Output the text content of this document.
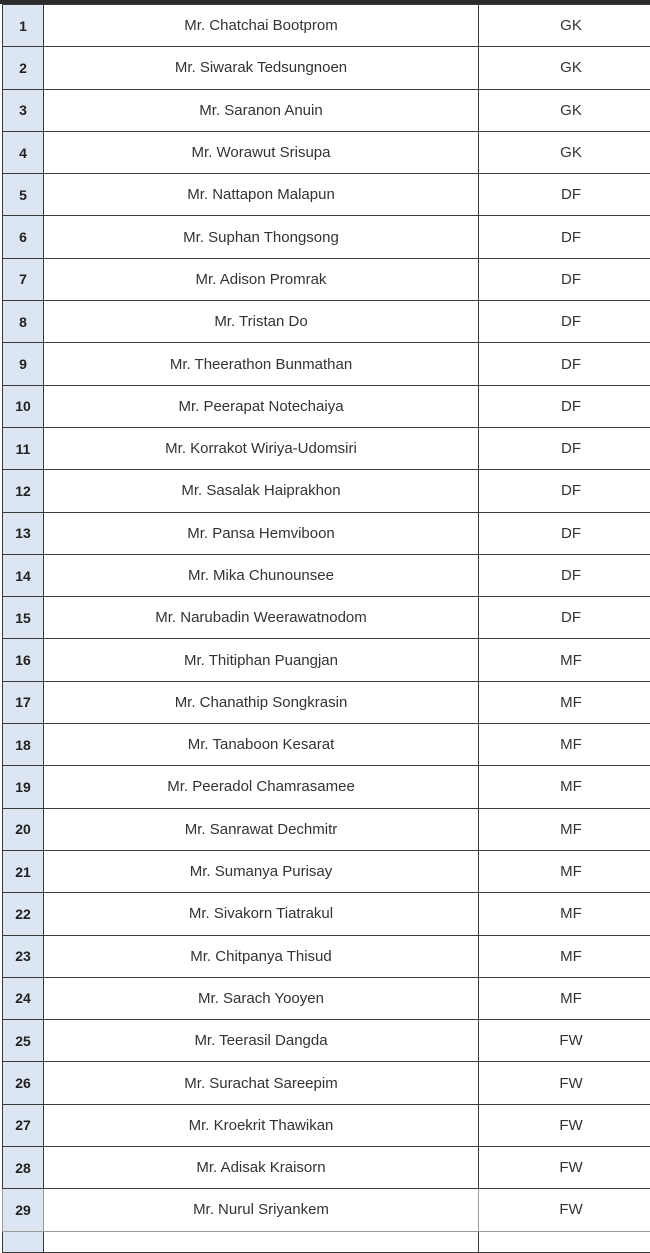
1	Mr. Chatchai Bootprom	GK
2	Mr. Siwarak Tedsungnoen	GK
3	Mr. Saranon Anuin	GK
4	Mr. Worawut Srisupa	GK
5	Mr. Nattapon Malapun	DF
6	Mr. Suphan Thongsong	DF
7	Mr. Adison Promrak	DF
8	Mr. Tristan Do	DF
9	Mr. Theerathon Bunmathan	DF
10	Mr. Peerapat Notechaiya	DF
11	Mr. Korrakot Wiriya-Udomsiri	DF
12	Mr. Sasalak Haiprakhon	DF
13	Mr. Pansa Hemviboon	DF
14	Mr. Mika Chunounsee	DF
15	Mr. Narubadin Weerawatnodom	DF
16	Mr. Thitiphan Puangjan	MF
17	Mr. Chanathip Songkrasin	MF
18	Mr. Tanaboon Kesarat	MF
19	Mr. Peeradol Chamrasamee	MF
20	Mr. Sanrawat Dechmitr	MF
21	Mr. Sumanya Purisay	MF
22	Mr. Sivakorn Tiatrakul	MF
23	Mr. Chitpanya Thisud	MF
24	Mr. Sarach Yooyen	MF
25	Mr. Teerasil Dangda	FW
26	Mr. Surachat Sareepim	FW
27	Mr. Kroekrit Thawikan	FW
28	Mr. Adisak Kraisorn	FW
29	Mr. Nurul Sriyankem	FW
